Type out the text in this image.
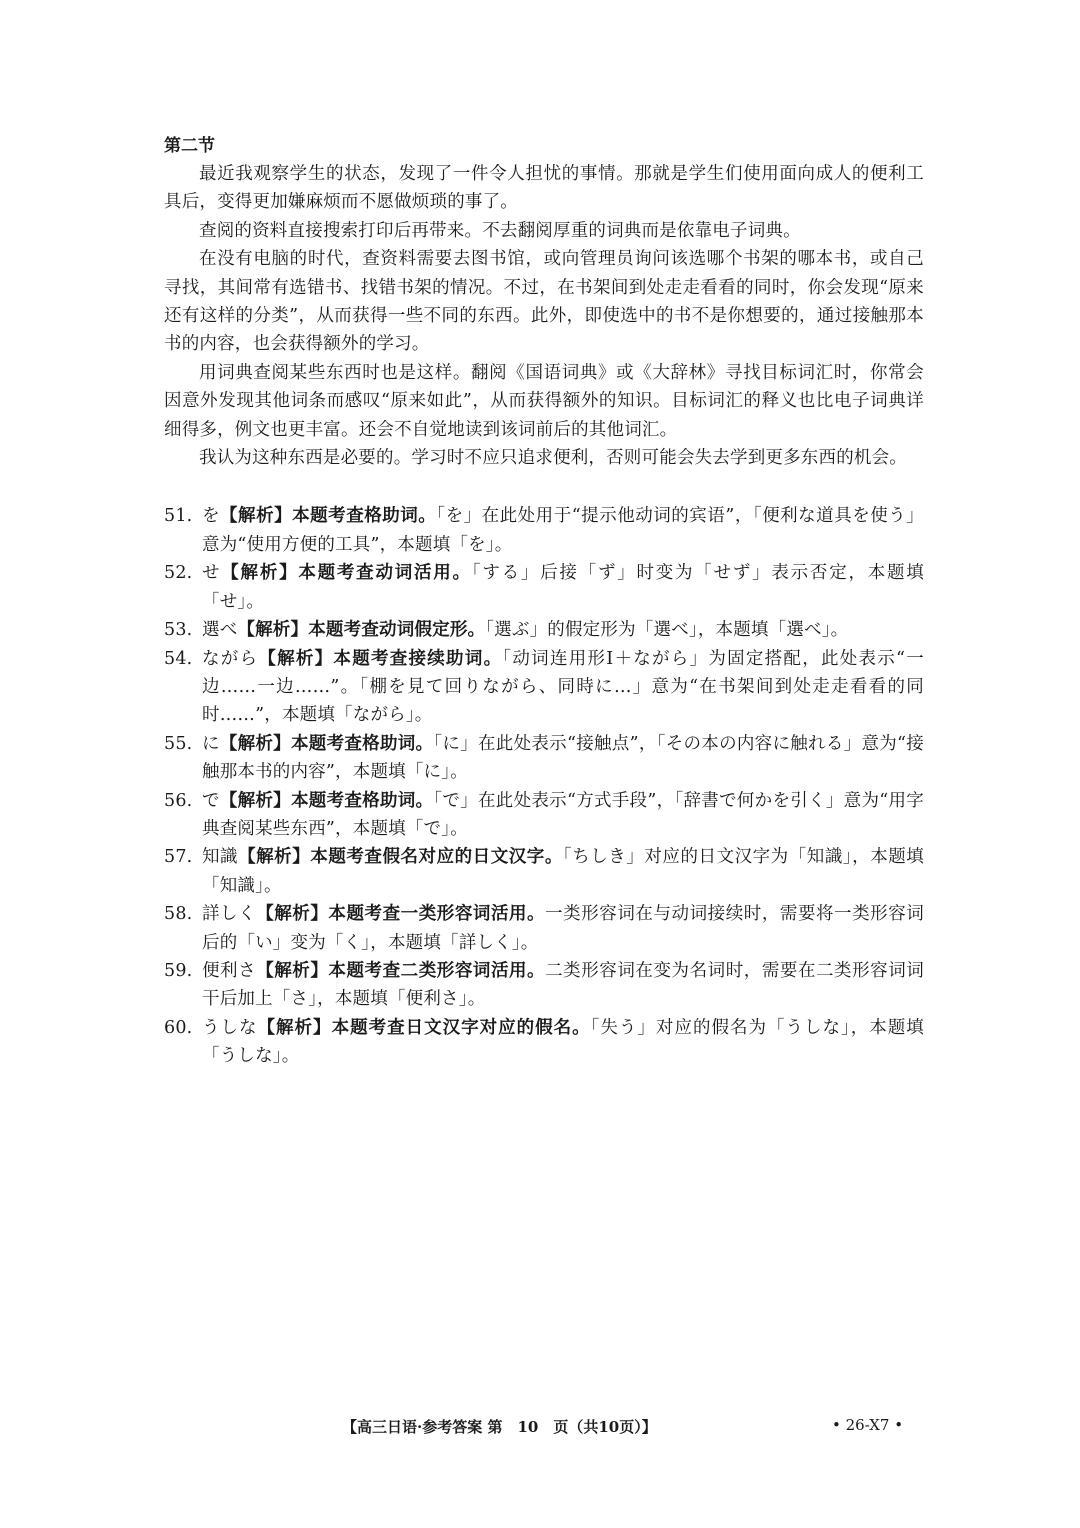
第二节

最近我观察学生的状态，发现了一件令人担忧的事情。那就是学生们使用面向成人的便利工具后，变得更加嫌麻烦而不愿做烦琐的事了。

查阅的资料直接搜索打印后再带来。不去翻阅厚重的词典而是依靠电子词典。

在没有电脑的时代，查资料需要去图书馆，或向管理员询问该选哪个书架的哪本书，或自己寻找，其间常有选错书、找错书架的情况。不过，在书架间到处走走看看的同时，你会发现“原来还有这样的分类”，从而获得一些不同的东西。此外，即使选中的书不是你想要的，通过接触那本书的内容，也会获得额外的学习。

用词典查阅某些东西时也是这样。翻阅《国语词典》或《大辞林》寻找目标词汇时，你常会因意外发现其他词条而感叹“原来如此”，从而获得额外的知识。目标词汇的释义也比电子词典详细得多，例文也更丰富。还会不自觉地读到该词前后的其他词汇。

我认为这种东西是必要的。学习时不应只追求便利，否则可能会失去学到更多东西的机会。

51. を【解析】本题考查格助词。「を」在此处用于“提示他动词的宾语”，「便利な道具を使う」意为“使用方便的工具”，本题填「を」。

52. せ【解析】本题考查动词活用。「する」后接「ず」时变为「せず」表示否定，本题填「せ」。

53. 選べ【解析】本题考查动词假定形。「選ぶ」的假定形为「選べ」，本题填「選べ」。

54. ながら【解析】本题考查接续助词。「动词连用形Ⅰ＋ながら」为固定搭配，此处表示“一边……一边……”。「棚を見て回りながら、同時に…」意为“在书架间到处走走看看的同时……”，本题填「ながら」。

55. に【解析】本题考查格助词。「に」在此处表示“接触点”，「その本の内容に触れる」意为“接触那本书的内容”，本题填「に」。

56. で【解析】本题考查格助词。「で」在此处表示“方式手段”，「辞書で何かを引く」意为“用字典查阅某些东西”，本题填「で」。

57. 知識【解析】本题考查假名对应的日文汉字。「ちしき」对应的日文汉字为「知識」，本题填「知識」。

58. 詳しく【解析】本题考查一类形容词活用。一类形容词在与动词接续时，需要将一类形容词后的「い」变为「く」，本题填「詳しく」。

59. 便利さ【解析】本题考查二类形容词活用。二类形容词在变为名词时，需要在二类形容词词干后加上「さ」，本题填「便利さ」。

60. うしな【解析】本题考查日文汉字对应的假名。「失う」对应的假名为「うしな」，本题填「うしな」。

【高三日语·参考答案 第　10　页（共10页）】	• 26-X7 •
